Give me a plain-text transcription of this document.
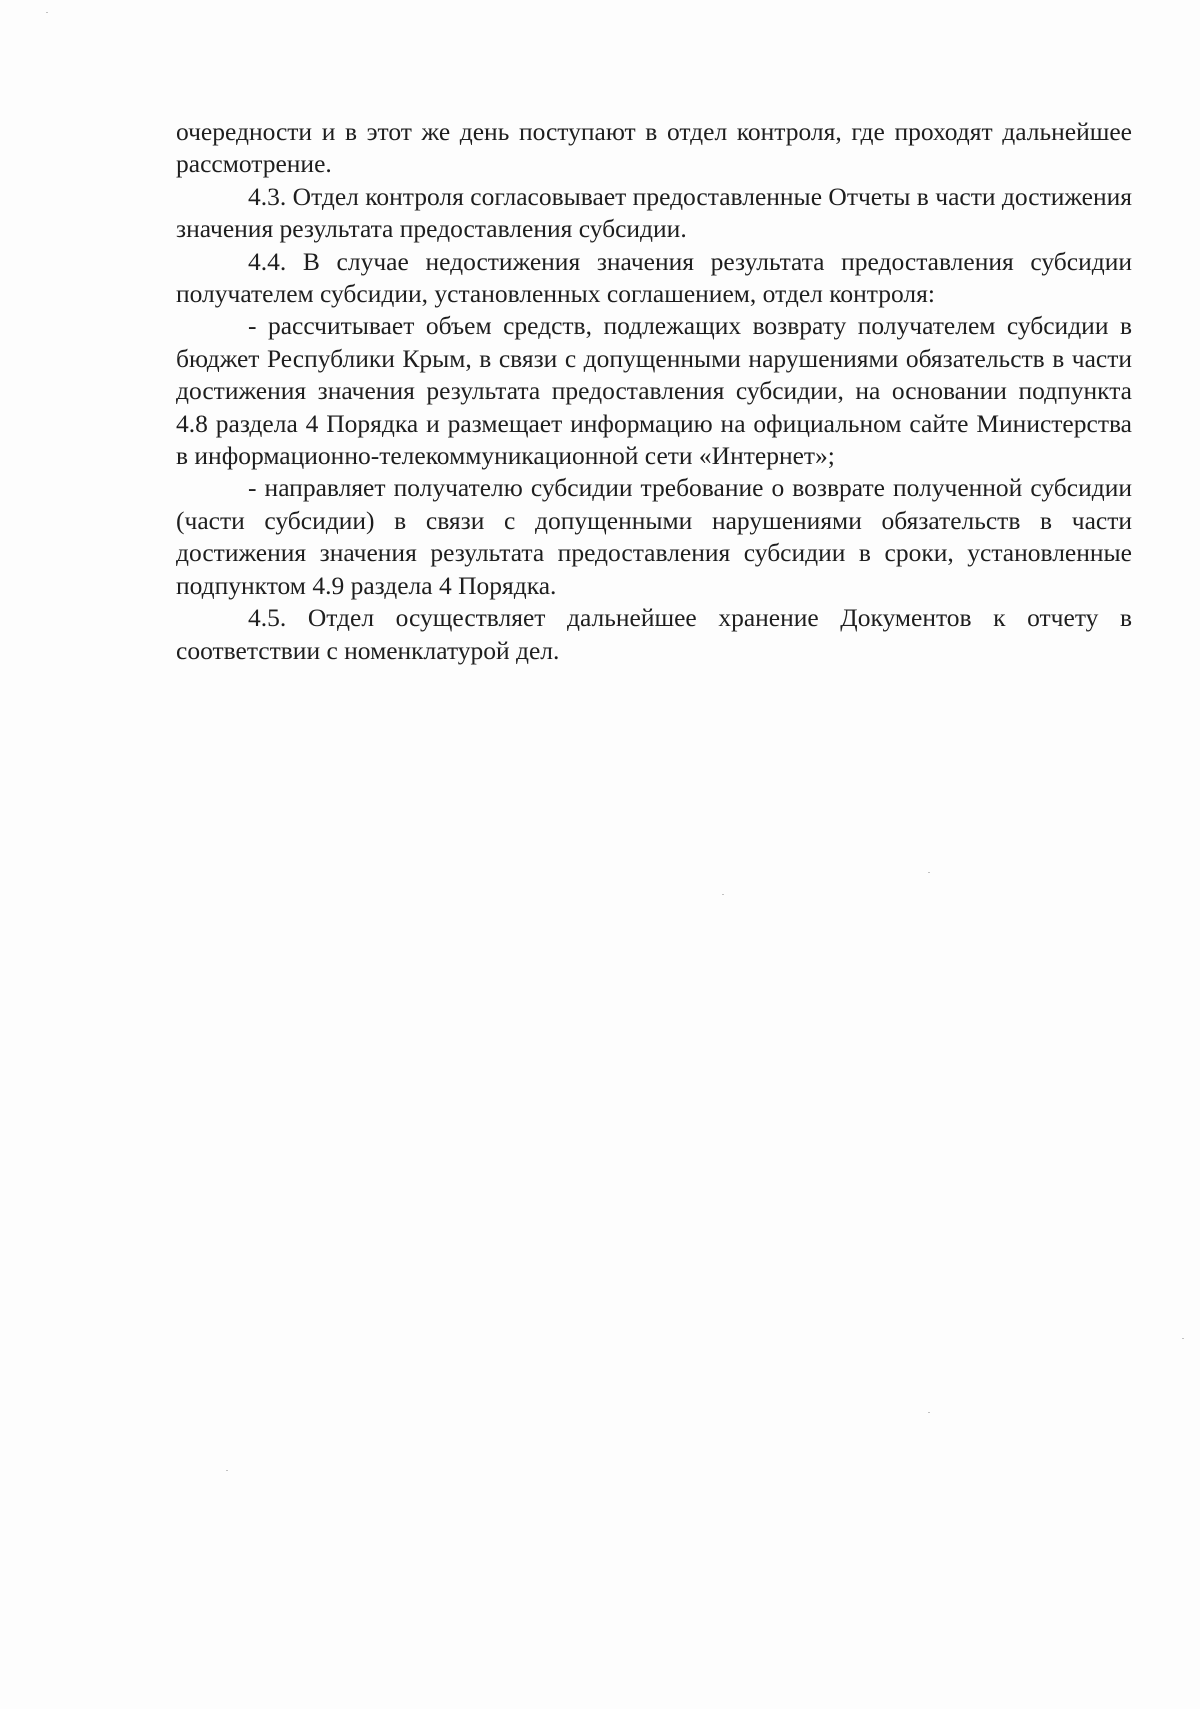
очередности и в этот же день поступают в отдел контроля, где проходят дальнейшее рассмотрение.

4.3. Отдел контроля согласовывает предоставленные Отчеты в части достижения значения результата предоставления субсидии.

4.4. В случае недостижения значения результата предоставления субсидии получателем субсидии, установленных соглашением, отдел контроля:

- рассчитывает объем средств, подлежащих возврату получателем субсидии в бюджет Республики Крым, в связи с допущенными нарушениями обязательств в части достижения значения результата предоставления субсидии, на основании подпункта 4.8 раздела 4 Порядка и размещает информацию на официальном сайте Министерства в информационно-телекоммуникационной сети «Интернет»;

- направляет получателю субсидии требование о возврате полученной субсидии (части субсидии) в связи с допущенными нарушениями обязательств в части достижения значения результата предоставления субсидии в сроки, установленные подпунктом 4.9 раздела 4 Порядка.

4.5. Отдел осуществляет дальнейшее хранение Документов к отчету в соответствии с номенклатурой дел.
